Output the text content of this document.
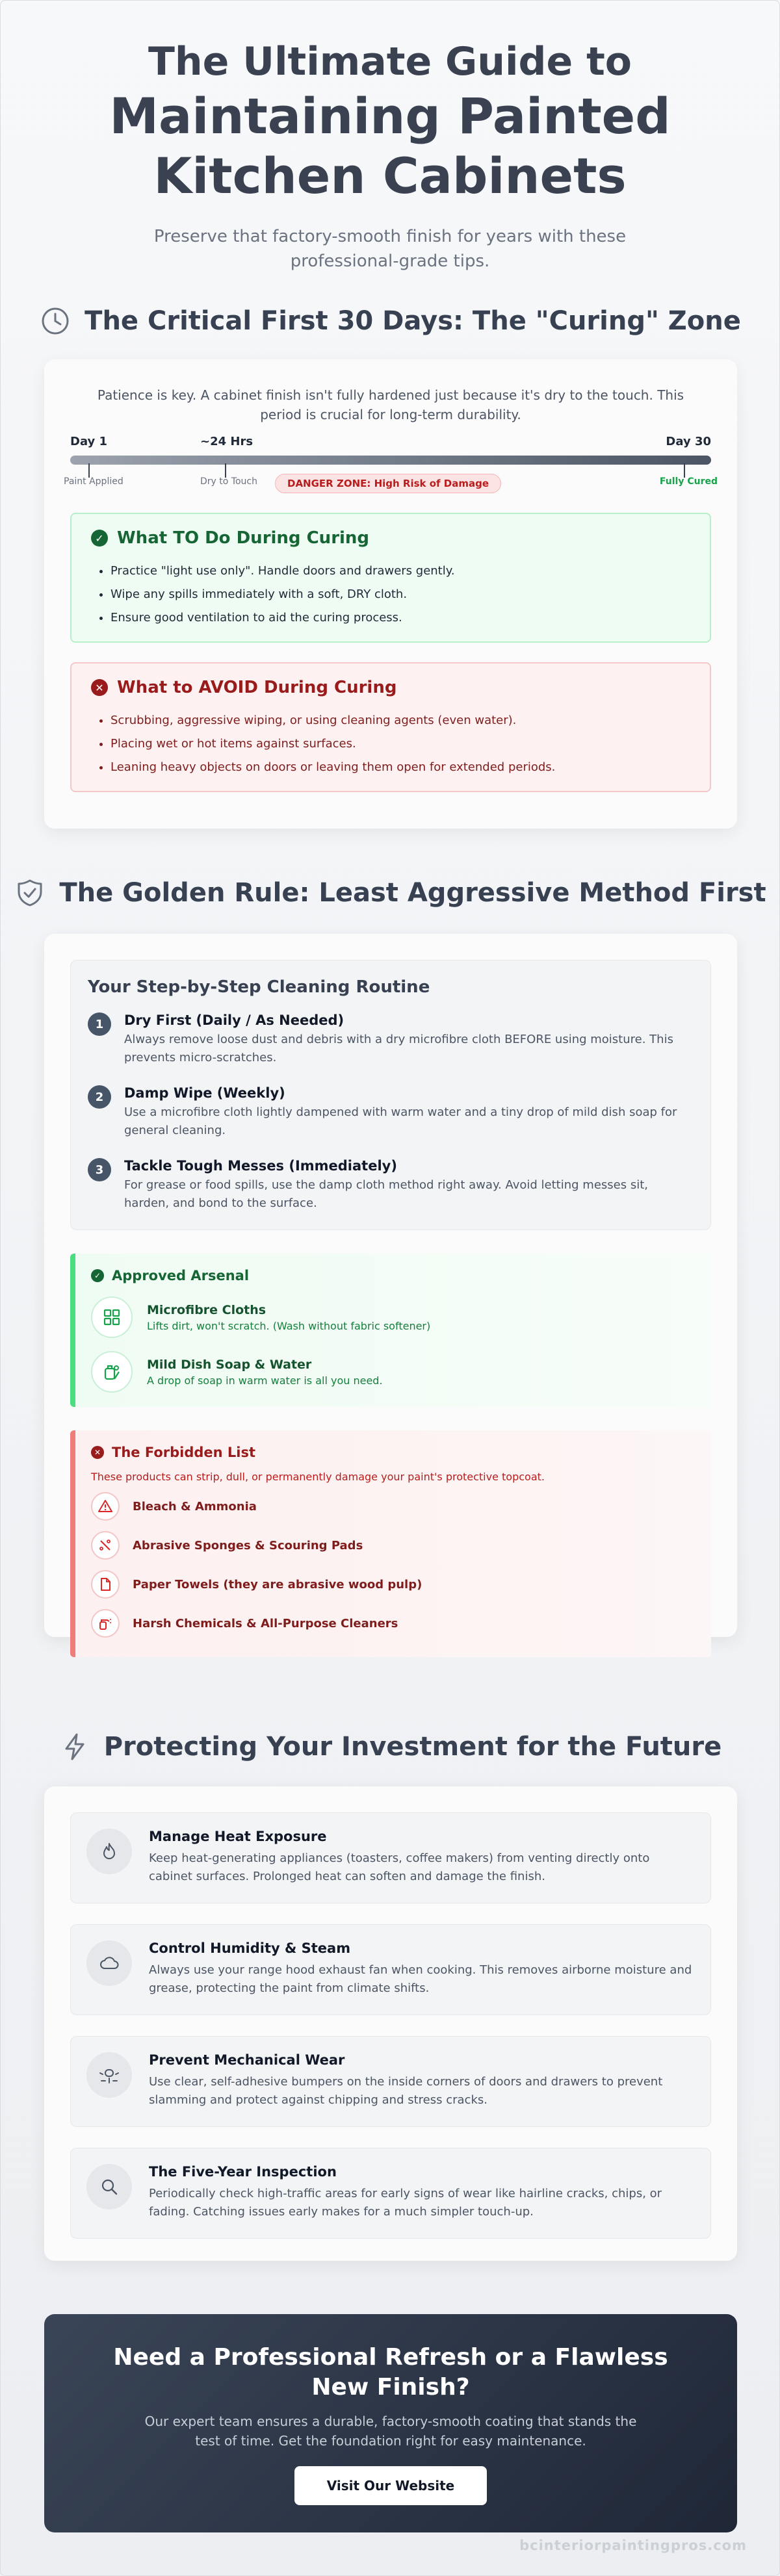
The Ultimate Guide to
Maintaining Painted
Kitchen Cabinets
Preserve that factory-smooth finish for years with these professional-grade tips.
The Critical First 30 Days: The "Curing" Zone

Patience is key. A cabinet finish isn't fully hardened just because it's dry to the touch. This period is crucial for long-term durability.

Day 1	~24 Hrs	Day 30
Paint Applied	Dry to Touch	DANGER ZONE: High Risk of Damage	Fully Cured
✓ What TO Do During Curing
• Practice "light use only". Handle doors and drawers gently.
• Wipe any spills immediately with a soft, DRY cloth.
• Ensure good ventilation to aid the curing process.
✕ What to AVOID During Curing
• Scrubbing, aggressive wiping, or using cleaning agents (even water).
• Placing wet or hot items against surfaces.
• Leaning heavy objects on doors or leaving them open for extended periods.
The Golden Rule: Least Aggressive Method First
Your Step-by-Step Cleaning Routine
1	Dry First (Daily / As Needed)
Always remove loose dust and debris with a dry microfibre cloth BEFORE using moisture. This prevents micro-scratches.
2	Damp Wipe (Weekly)
Use a microfibre cloth lightly dampened with warm water and a tiny drop of mild dish soap for general cleaning.
3	Tackle Tough Messes (Immediately)
For grease or food spills, use the damp cloth method right away. Avoid letting messes sit, harden, and bond to the surface.
✓ Approved Arsenal
Microfibre Cloths
Lifts dirt, won't scratch. (Wash without fabric softener)
Mild Dish Soap & Water
A drop of soap in warm water is all you need.
✕ The Forbidden List
These products can strip, dull, or permanently damage your paint's protective topcoat.
Bleach & Ammonia
Abrasive Sponges & Scouring Pads
Paper Towels (they are abrasive wood pulp)
Harsh Chemicals & All-Purpose Cleaners
Protecting Your Investment for the Future
Manage Heat Exposure
Keep heat-generating appliances (toasters, coffee makers) from venting directly onto cabinet surfaces. Prolonged heat can soften and damage the finish.
Control Humidity & Steam
Always use your range hood exhaust fan when cooking. This removes airborne moisture and grease, protecting the paint from climate shifts.
Prevent Mechanical Wear
Use clear, self-adhesive bumpers on the inside corners of doors and drawers to prevent slamming and protect against chipping and stress cracks.
The Five-Year Inspection
Periodically check high-traffic areas for early signs of wear like hairline cracks, chips, or fading. Catching issues early makes for a much simpler touch-up.
Need a Professional Refresh or a Flawless New Finish?

Our expert team ensures a durable, factory-smooth coating that stands the test of time. Get the foundation right for easy maintenance.

Visit Our Website
bcinteriorpaintingpros.com
